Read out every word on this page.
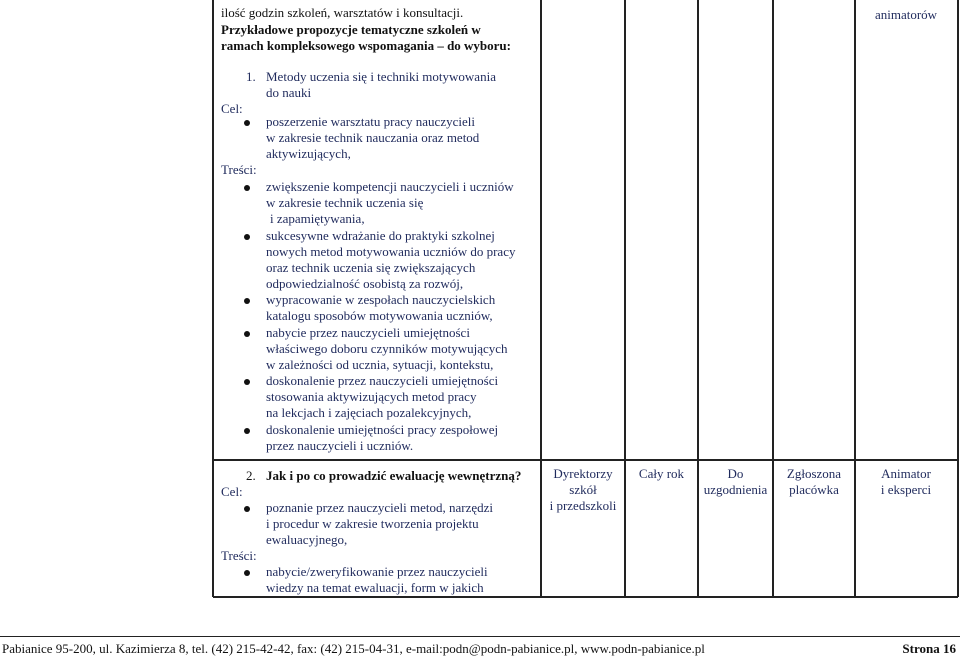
ilość godzin szkoleń, warsztatów i konsultacji.
Przykładowe propozycje tematyczne szkoleń w
ramach kompleksowego wspomagania – do wyboru:
1. Metody uczenia się i techniki motywowania
do nauki
Cel:
poszerzenie warsztatu pracy nauczycieli
w zakresie technik nauczania oraz metod
aktywizujących,
Treści:
zwiększenie kompetencji nauczycieli i uczniów
w zakresie technik uczenia się
i zapamiętywania,
sukcesywne wdrażanie do praktyki szkolnej
nowych metod motywowania uczniów do pracy
oraz technik uczenia się zwiększających
odpowiedzialność osobistą za rozwój,
wypracowanie w zespołach nauczycielskich
katalogu sposobów motywowania uczniów,
nabycie przez nauczycieli umiejętności
właściwego doboru czynników motywujących
w zależności od ucznia, sytuacji, kontekstu,
doskonalenie przez nauczycieli umiejętności
stosowania aktywizujących metod pracy
na lekcjach i zajęciach pozalekcyjnych,
doskonalenie umiejętności pracy zespołowej
przez nauczycieli i uczniów.
animatorów
2. Jak i po co prowadzić ewaluację wewnętrzną?
Cel:
poznanie przez nauczycieli metod, narzędzi
i procedur w zakresie tworzenia projektu
ewaluacyjnego,
Treści:
nabycie/zweryfikowanie przez nauczycieli
wiedzy na temat ewaluacji, form w jakich
Dyrektorzy
szkół
i przedszkoli
Cały rok	Do
uzgodnienia
Zgłoszona
placówka
Animator
i eksperci
Pabianice 95-200, ul. Kazimierza 8, tel. (42) 215-42-42, fax: (42) 215-04-31, e-mail:podn@podn-pabianice.pl, www.podn-pabianice.pl	Strona 16
